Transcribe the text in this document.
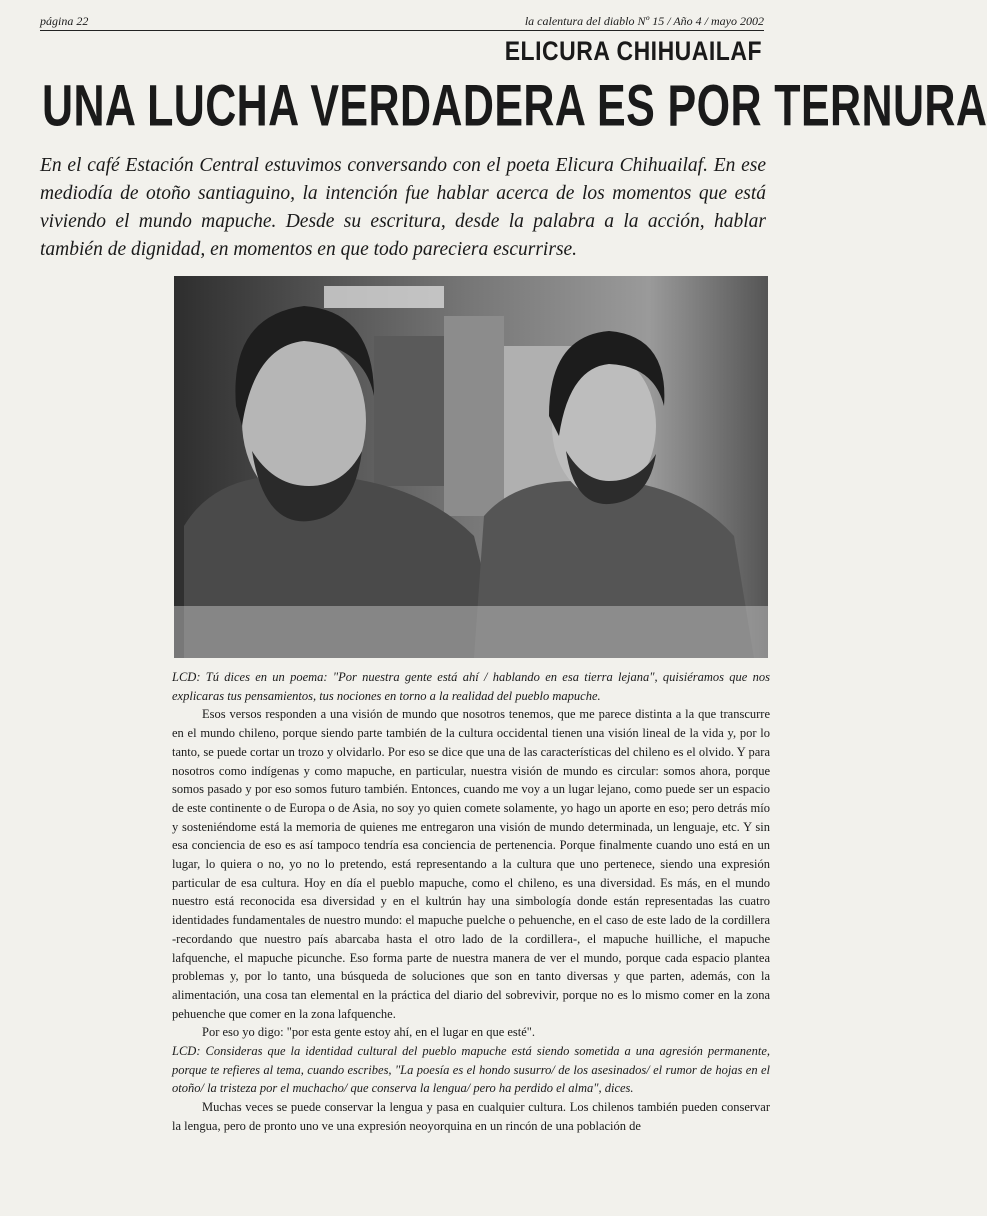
página 22	la calentura del diablo Nº 15 / Año 4 / mayo 2002
ELICURA CHIHUAILAF
UNA LUCHA VERDADERA ES POR TERNURA
En el café Estación Central estuvimos conversando con el poeta Elicura Chihuailaf. En ese mediodía de otoño santiaguino, la intención fue hablar acerca de los momentos que está viviendo el mundo mapuche. Desde su escritura, desde la palabra a la acción, hablar también de dignidad, en momentos en que todo pareciera escurrirse.

LCD: Tú dices en un poema: "Por nuestra gente está ahí / hablando en esa tierra lejana", quisiéramos que nos explicaras tus pensamientos, tus nociones en torno a la realidad del pueblo mapuche.

Esos versos responden a una visión de mundo que nosotros tenemos, que me parece distinta a la que transcurre en el mundo chileno, porque siendo parte también de la cultura occidental tienen una visión lineal de la vida y, por lo tanto, se puede cortar un trozo y olvidarlo. Por eso se dice que una de las características del chileno es el olvido. Y para nosotros como indígenas y como mapuche, en particular, nuestra visión de mundo es circular: somos ahora, porque somos pasado y por eso somos futuro también. Entonces, cuando me voy a un lugar lejano, como puede ser un espacio de este continente o de Europa o de Asia, no soy yo quien comete solamente, yo hago un aporte en eso; pero detrás mío y sosteniéndome está la memoria de quienes me entregaron una visión de mundo determinada, un lenguaje, etc. Y sin esa conciencia de eso es así tampoco tendría esa conciencia de pertenencia. Porque finalmente cuando uno está en un lugar, lo quiera o no, yo no lo pretendo, está representando a la cultura que uno pertenece, siendo una expresión particular de esa cultura. Hoy en día el pueblo mapuche, como el chileno, es una diversidad. Es más, en el mundo nuestro está reconocida esa diversidad y en el kultrún hay una simbología donde están representadas las cuatro identidades fundamentales de nuestro mundo: el mapuche puelche o pehuenche, en el caso de este lado de la cordillera -recordando que nuestro país abarcaba hasta el otro lado de la cordillera-, el mapuche huilliche, el mapuche lafquenche, el mapuche picunche. Eso forma parte de nuestra manera de ver el mundo, porque cada espacio plantea problemas y, por lo tanto, una búsqueda de soluciones que son en tanto diversas y que parten, además, con la alimentación, una cosa tan elemental en la práctica del diario del sobrevivir, porque no es lo mismo comer en la zona pehuenche que comer en la zona lafquenche.

Por eso yo digo: "por esta gente estoy ahí, en el lugar en que esté".

LCD: Consideras que la identidad cultural del pueblo mapuche está siendo sometida a una agresión permanente, porque te refieres al tema, cuando escribes, "La poesía es el hondo susurro/ de los asesinados/ el rumor de hojas en el otoño/ la tristeza por el muchacho/ que conserva la lengua/ pero ha perdido el alma", dices.

Muchas veces se puede conservar la lengua y pasa en cualquier cultura. Los chilenos también pueden conservar la lengua, pero de pronto uno ve una expresión neoyorquina en un rincón de una población de
